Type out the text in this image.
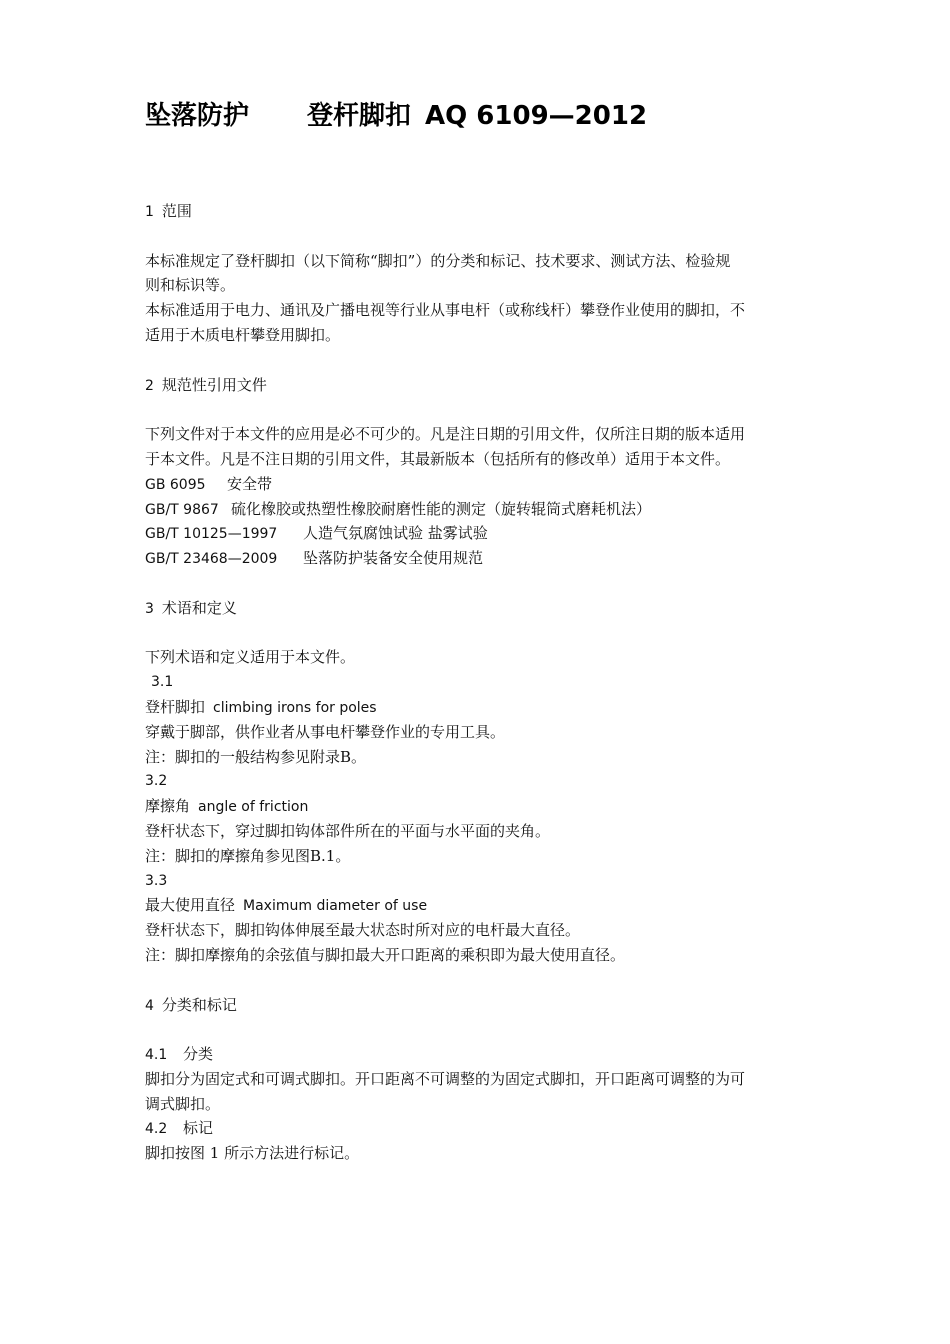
坠落防护 登杆脚扣 AQ 6109—2012
1 范围
本标准规定了登杆脚扣（以下简称“脚扣”）的分类和标记、技术要求、测试方法、检验规
则和标识等。
本标准适用于电力、通讯及广播电视等行业从事电杆（或称线杆）攀登作业使用的脚扣，不
适用于木质电杆攀登用脚扣。
2 规范性引用文件
下列文件对于本文件的应用是必不可少的。凡是注日期的引用文件，仅所注日期的版本适用
于本文件。凡是不注日期的引用文件，其最新版本（包括所有的修改单）适用于本文件。
GB 6095 安全带
GB/T 9867 硫化橡胶或热塑性橡胶耐磨性能的测定（旋转辊筒式磨耗机法）
GB/T 10125—1997 人造气氛腐蚀试验 盐雾试验
GB/T 23468—2009 坠落防护装备安全使用规范
3 术语和定义
下列术语和定义适用于本文件。
3.1
登杆脚扣 climbing irons for poles
穿戴于脚部，供作业者从事电杆攀登作业的专用工具。
注：脚扣的一般结构参见附录B。
3.2
摩擦角 angle of friction
登杆状态下，穿过脚扣钩体部件所在的平面与水平面的夹角。
注：脚扣的摩擦角参见图B.1。
3.3
最大使用直径 Maximum diameter of use
登杆状态下，脚扣钩体伸展至最大状态时所对应的电杆最大直径。
注：脚扣摩擦角的余弦值与脚扣最大开口距离的乘积即为最大使用直径。
4 分类和标记
4.1 分类
脚扣分为固定式和可调式脚扣。开口距离不可调整的为固定式脚扣，开口距离可调整的为可
调式脚扣。
4.2 标记
脚扣按图 1 所示方法进行标记。
